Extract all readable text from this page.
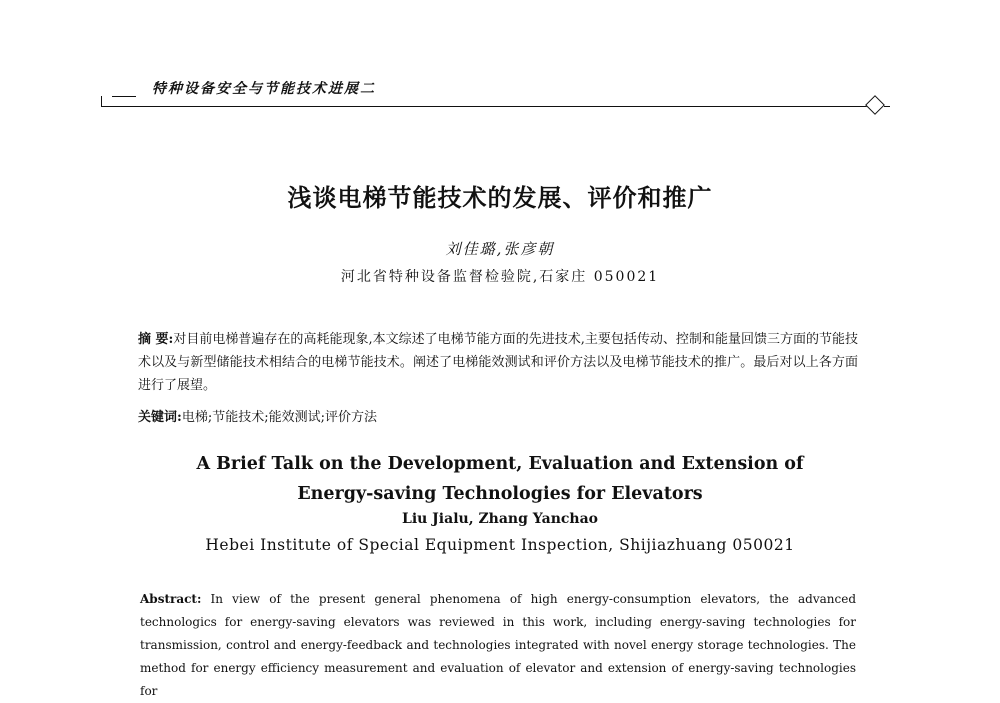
特种设备安全与节能技术进展二
浅谈电梯节能技术的发展、评价和推广
刘佳璐,张彦朝
河北省特种设备监督检验院,石家庄 050021
摘 要:对目前电梯普遍存在的高耗能现象,本文综述了电梯节能方面的先进技术,主要包括传动、控制和能量回馈三方面的节能技术以及与新型储能技术相结合的电梯节能技术。阐述了电梯能效测试和评价方法以及电梯节能技术的推广。最后对以上各方面进行了展望。
关键词:电梯;节能技术;能效测试;评价方法
A Brief Talk on the Development, Evaluation and Extension of
Energy-saving Technologies for Elevators
Liu Jialu, Zhang Yanchao
Hebei Institute of Special Equipment Inspection, Shijiazhuang 050021
Abstract: In view of the present general phenomena of high energy-consumption elevators, the advanced technologics for energy-saving elevators was reviewed in this work, including energy-saving technologies for transmission, control and energy-feedback and technologies integrated with novel energy storage technologies. The method for energy efficiency measurement and evaluation of elevator and extension of energy-saving technologies for
